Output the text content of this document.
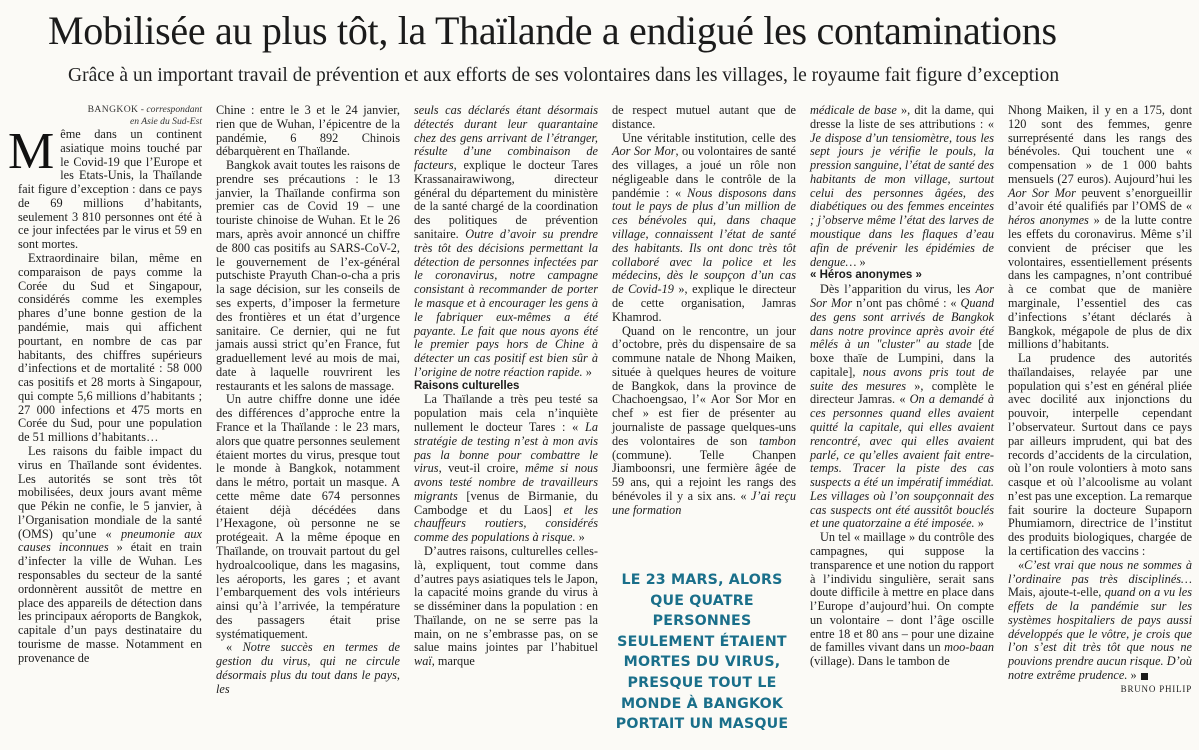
Mobilisée au plus tôt, la Thaïlande a endigué les contaminations
Grâce à un important travail de prévention et aux efforts de ses volontaires dans les villages, le royaume fait figure d’exception

BANGKOK - correspondant
en Asie du Sud-Est

Même dans un continent asiatique moins touché par le Covid-19 que l’Europe et les Etats-Unis, la Thaïlande fait figure d’exception : dans ce pays de 69 millions d’habitants, seulement 3 810 personnes ont été à ce jour infectées par le virus et 59 en sont mortes.

Extraordinaire bilan, même en comparaison de pays comme la Corée du Sud et Singapour, considérés comme les exemples phares d’une bonne gestion de la pandémie, mais qui affichent pourtant, en nombre de cas par habitants, des chiffres supérieurs d’infections et de mortalité : 58 000 cas positifs et 28 morts à Singapour, qui compte 5,6 millions d’habitants ; 27 000 infections et 475 morts en Corée du Sud, pour une population de 51 millions d’habitants…

Les raisons du faible impact du virus en Thaïlande sont évidentes. Les autorités se sont très tôt mobilisées, deux jours avant même que Pékin ne confie, le 5 janvier, à l’Organisation mondiale de la santé (OMS) qu’une « pneumonie aux causes inconnues » était en train d’infecter la ville de Wuhan. Les responsables du secteur de la santé ordonnèrent aussitôt de mettre en place des appareils de détection dans les principaux aéroports de Bangkok, capitale d’un pays destinataire du tourisme de masse. Notamment en provenance de

Chine : entre le 3 et le 24 janvier, rien que de Wuhan, l’épicentre de la pandémie, 6 892 Chinois débarquèrent en Thaïlande.

Bangkok avait toutes les raisons de prendre ses précautions : le 13 janvier, la Thaïlande confirma son premier cas de Covid 19 – une touriste chinoise de Wuhan. Et le 26 mars, après avoir annoncé un chiffre de 800 cas positifs au SARS-CoV-2, le gouvernement de l’ex-général putschiste Prayuth Chan-o-cha a pris la sage décision, sur les conseils de ses experts, d’imposer la fermeture des frontières et un état d’urgence sanitaire. Ce dernier, qui ne fut jamais aussi strict qu’en France, fut graduellement levé au mois de mai, date à laquelle rouvrirent les restaurants et les salons de massage.

Un autre chiffre donne une idée des différences d’approche entre la France et la Thaïlande : le 23 mars, alors que quatre personnes seulement étaient mortes du virus, presque tout le monde à Bangkok, notamment dans le métro, portait un masque. A cette même date 674 personnes étaient déjà décédées dans l’Hexagone, où personne ne se protégeait. A la même époque en Thaïlande, on trouvait partout du gel hydroalcoolique, dans les magasins, les aéroports, les gares ; et avant l’embarquement des vols intérieurs ainsi qu’à l’arrivée, la température des passagers était prise systématiquement.

« Notre succès en termes de gestion du virus, qui ne circule désormais plus du tout dans le pays, les

seuls cas déclarés étant désormais détectés durant leur quarantaine chez des gens arrivant de l’étranger, résulte d’une combinaison de facteurs, explique le docteur Tares Krassanairawiwong, directeur général du département du ministère de la santé chargé de la coordination des politiques de prévention sanitaire. Outre d’avoir su prendre très tôt des décisions permettant la détection de personnes infectées par le coronavirus, notre campagne consistant à recommander de porter le masque et à encourager les gens à le fabriquer eux-mêmes a été payante. Le fait que nous ayons été le premier pays hors de Chine à détecter un cas positif est bien sûr à l’origine de notre réaction rapide. »

Raisons culturelles

La Thaïlande a très peu testé sa population mais cela n’inquiète nullement le docteur Tares : « La stratégie de testing n’est à mon avis pas la bonne pour combattre le virus, veut-il croire, même si nous avons testé nombre de travailleurs migrants [venus de Birmanie, du Cambodge et du Laos] et les chauffeurs routiers, considérés comme des populations à risque. »

D’autres raisons, culturelles celles-là, expliquent, tout comme dans d’autres pays asiatiques tels le Japon, la capacité moins grande du virus à se disséminer dans la population : en Thaïlande, on ne se serre pas la main, on ne s’embrasse pas, on se salue mains jointes par l’habituel waï, marque

de respect mutuel autant que de distance.

Une véritable institution, celle des Aor Sor Mor, ou volontaires de santé des villages, a joué un rôle non négligeable dans le contrôle de la pandémie : « Nous disposons dans tout le pays de plus d’un million de ces bénévoles qui, dans chaque village, connaissent l’état de santé des habitants. Ils ont donc très tôt collaboré avec la police et les médecins, dès le soupçon d’un cas de Covid-19 », explique le directeur de cette organisation, Jamras Khamrod.

Quand on le rencontre, un jour d’octobre, près du dispensaire de sa commune natale de Nhong Maiken, située à quelques heures de voiture de Bangkok, dans la province de Chachoengsao, l’« Aor Sor Mor en chef » est fier de présenter au journaliste de passage quelques-uns des volontaires de son tambon (commune). Telle Chanpen Jiamboonsri, une fermière âgée de 59 ans, qui a rejoint les rangs des bénévoles il y a six ans. « J’ai reçu une formation

médicale de base », dit la dame, qui dresse la liste de ses attributions : « Je dispose d’un tensiomètre, tous les sept jours je vérifie le pouls, la pression sanguine, l’état de santé des habitants de mon village, surtout celui des personnes âgées, des diabétiques ou des femmes enceintes ; j’observe même l’état des larves de moustique dans les flaques d’eau afin de prévenir les épidémies de dengue… »

« Héros anonymes »

Dès l’apparition du virus, les Aor Sor Mor n’ont pas chômé : « Quand des gens sont arrivés de Bangkok dans notre province après avoir été mêlés à un "cluster" au stade [de boxe thaïe de Lumpini, dans la capitale], nous avons pris tout de suite des mesures », complète le directeur Jamras. « On a demandé à ces personnes quand elles avaient quitté la capitale, qui elles avaient rencontré, avec qui elles avaient parlé, ce qu’elles avaient fait entre-temps. Tracer la piste des cas suspects a été un impératif immédiat. Les villages où l’on soupçonnait des cas suspects ont été aussitôt bouclés et une quatorzaine a été imposée. »

Un tel « maillage » du contrôle des campagnes, qui suppose la transparence et une notion du rapport à l’individu singulière, serait sans doute difficile à mettre en place dans l’Europe d’aujourd’hui. On compte un volontaire – dont l’âge oscille entre 18 et 80 ans – pour une dizaine de familles vivant dans un moo-baan (village). Dans le tambon de

Nhong Maiken, il y en a 175, dont 120 sont des femmes, genre surreprésenté dans les rangs des bénévoles. Qui touchent une « compensation » de 1 000 bahts mensuels (27 euros). Aujourd’hui les Aor Sor Mor peuvent s’enorgueillir d’avoir été qualifiés par l’OMS de « héros anonymes » de la lutte contre les effets du coronavirus. Même s’il convient de préciser que les volontaires, essentiellement présents dans les campagnes, n’ont contribué à ce combat que de manière marginale, l’essentiel des cas d’infections s’étant déclarés à Bangkok, mégapole de plus de dix millions d’habitants.

La prudence des autorités thaïlandaises, relayée par une population qui s’est en général pliée avec docilité aux injonctions du pouvoir, interpelle cependant l’observateur. Surtout dans ce pays par ailleurs imprudent, qui bat des records d’accidents de la circulation, où l’on roule volontiers à moto sans casque et où l’alcoolisme au volant n’est pas une exception. La remarque fait sourire la docteure Supaporn Phumiamorn, directrice de l’institut des produits biologiques, chargée de la certification des vaccins :

«C’est vrai que nous ne sommes à l’ordinaire pas très disciplinés… Mais, ajoute-t-elle, quand on a vu les effets de la pandémie sur les systèmes hospitaliers de pays aussi développés que le vôtre, je crois que l’on s’est dit très tôt que nous ne pouvions prendre aucun risque. D’où notre extrême prudence. »

BRUNO PHILIP

LE 23 MARS, ALORS QUE QUATRE PERSONNES SEULEMENT ÉTAIENT MORTES DU VIRUS, PRESQUE TOUT LE MONDE À BANGKOK PORTAIT UN MASQUE
